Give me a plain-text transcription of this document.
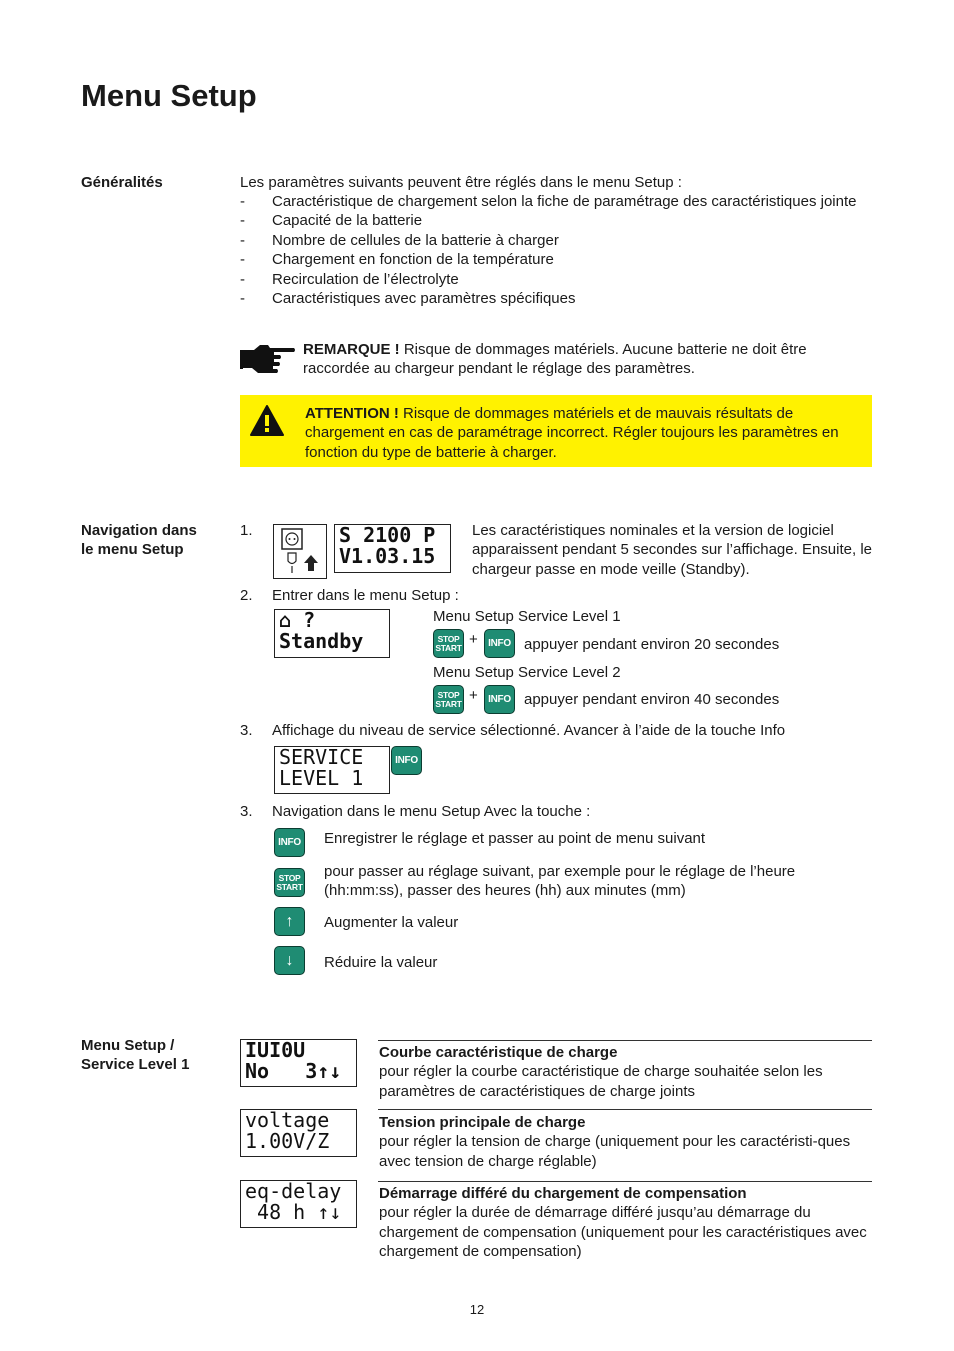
Menu Setup
Généralités	Les paramètres suivants peuvent être réglés dans le menu Setup :
- Caractéristique de chargement selon la fiche de paramétrage des caractéristiques jointe
- Capacité de la batterie
- Nombre de cellules de la batterie à charger
- Chargement en fonction de la température
- Recirculation de l’électrolyte
- Caractéristiques avec paramètres spécifiques
REMARQUE ! Risque de dommages matériels. Aucune batterie ne doit être raccordée au chargeur pendant le réglage des paramètres.
ATTENTION ! Risque de dommages matériels et de mauvais résultats de chargement en cas de paramétrage incorrect. Régler toujours les paramètres en fonction du type de batterie à charger.
Navigation dans
le menu Setup
1.	S 2100 P
V1.03.15
Les caractéristiques nominales et la version de logiciel apparaissent pendant 5 secondes sur l’affichage. Ensuite, le chargeur passe en mode veille (Standby).
2. Entrer dans le menu Setup :
⌂ ?
Standby
Menu Setup Service Level 1
STOP
START + INFO appuyer pendant environ 20 secondes
Menu Setup Service Level 2
STOP
START + INFO appuyer pendant environ 40 secondes
3. Affichage du niveau de service sélectionné. Avancer à l’aide de la touche Info
SERVICE
LEVEL 1
INFO
3. Navigation dans le menu Setup Avec la touche :
INFO Enregistrer le réglage et passer au point de menu suivant
STOP
START
pour passer au réglage suivant, par exemple pour le réglage de l’heure (hh:mm:ss), passer des heures (hh) aux minutes (mm)
↑ Augmenter la valeur
↓ Réduire la valeur
Menu Setup /
Service Level 1
IUI0U
No   3↑↓
Courbe caractéristique de charge
pour régler la courbe caractéristique de charge souhaitée selon les paramètres de caractéristiques de charge joints
voltage
1.00V/Z
Tension principale de charge
pour régler la tension de charge (uniquement pour les caractéristi-ques avec tension de charge réglable)
eq-delay
48 h ↑↓
Démarrage différé du chargement de compensation
pour régler la durée de démarrage différé jusqu’au démarrage du chargement de compensation (uniquement pour les caractéristiques avec chargement de compensation)
12
